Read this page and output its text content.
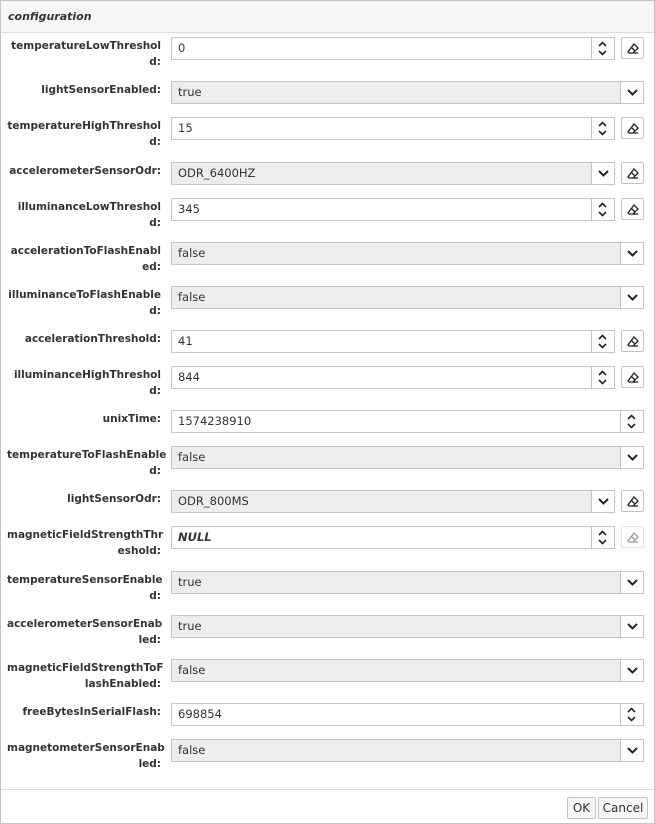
configuration
temperatureLowThreshol
d:
0
lightSensorEnabled:	true
temperatureHighThreshol
d:
15
accelerometerSensorOdr:	ODR_6400HZ
illuminanceLowThreshol
d:
345
accelerationToFlashEnabl
ed:
false
illuminanceToFlashEnable
d:
false
accelerationThreshold:	41
illuminanceHighThreshol
d:
844
unixTime:	1574238910
temperatureToFlashEnable
d:
false
lightSensorOdr:	ODR_800MS
magneticFieldStrengthThr
eshold:
NULL
temperatureSensorEnable
d:
true
accelerometerSensorEnab
led:
true
magneticFieldStrengthToF
lashEnabled:
false
freeBytesInSerialFlash:	698854
magnetometerSensorEnab
led:
false
OK	Cancel
